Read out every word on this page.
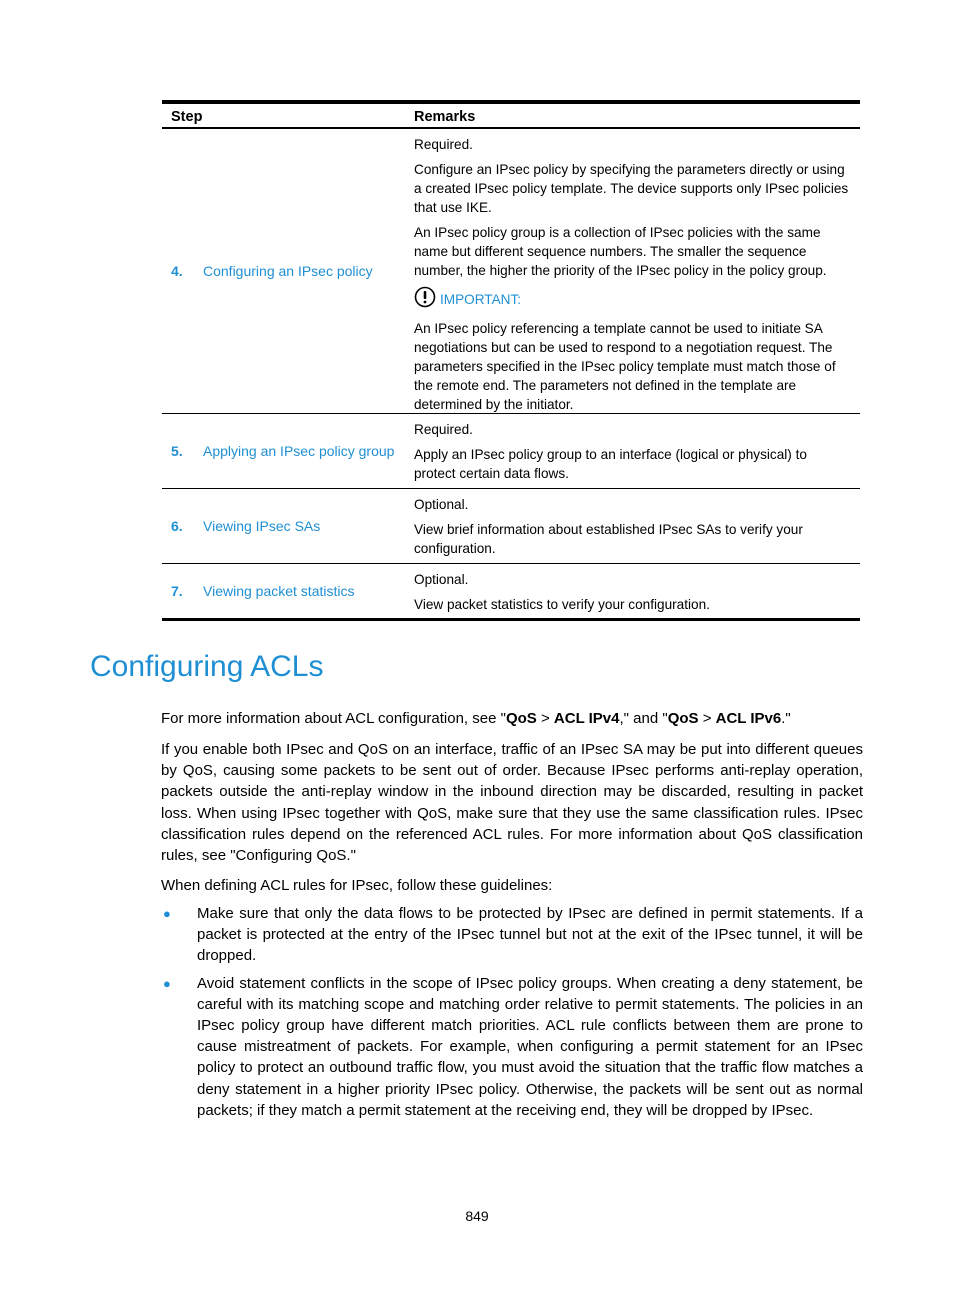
Step	Remarks
4.	Configuring an IPsec policy

Required.

Configure an IPsec policy by specifying the parameters directly or using a created IPsec policy template. The device supports only IPsec policies that use IKE.

An IPsec policy group is a collection of IPsec policies with the same name but different sequence numbers. The smaller the sequence number, the higher the priority of the IPsec policy in the policy group.

IMPORTANT:

An IPsec policy referencing a template cannot be used to initiate SA negotiations but can be used to respond to a negotiation request. The parameters specified in the IPsec policy template must match those of the remote end. The parameters not defined in the template are determined by the initiator.

5.	Applying an IPsec policy group

Required.

Apply an IPsec policy group to an interface (logical or physical) to protect certain data flows.

6.	Viewing IPsec SAs

Optional.

View brief information about established IPsec SAs to verify your configuration.

7.	Viewing packet statistics

Optional.

View packet statistics to verify your configuration.

Configuring ACLs

For more information about ACL configuration, see "QoS > ACL IPv4," and "QoS > ACL IPv6."

If you enable both IPsec and QoS on an interface, traffic of an IPsec SA may be put into different queues by QoS, causing some packets to be sent out of order. Because IPsec performs anti-replay operation, packets outside the anti-replay window in the inbound direction may be discarded, resulting in packet loss. When using IPsec together with QoS, make sure that they use the same classification rules. IPsec classification rules depend on the referenced ACL rules. For more information about QoS classification rules, see "Configuring QoS."

When defining ACL rules for IPsec, follow these guidelines:

● Make sure that only the data flows to be protected by IPsec are defined in permit statements. If a packet is protected at the entry of the IPsec tunnel but not at the exit of the IPsec tunnel, it will be dropped.
● Avoid statement conflicts in the scope of IPsec policy groups. When creating a deny statement, be careful with its matching scope and matching order relative to permit statements. The policies in an IPsec policy group have different match priorities. ACL rule conflicts between them are prone to cause mistreatment of packets. For example, when configuring a permit statement for an IPsec policy to protect an outbound traffic flow, you must avoid the situation that the traffic flow matches a deny statement in a higher priority IPsec policy. Otherwise, the packets will be sent out as normal packets; if they match a permit statement at the receiving end, they will be dropped by IPsec.
849
